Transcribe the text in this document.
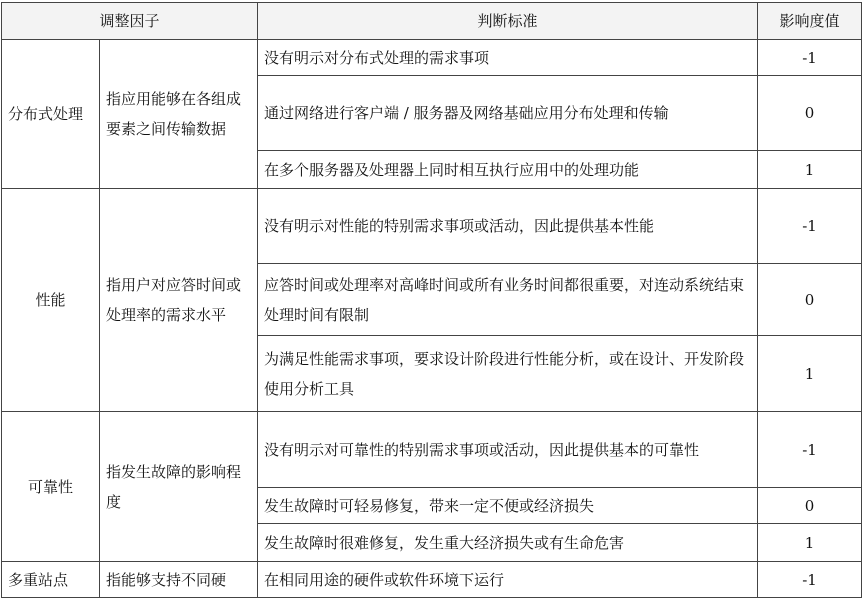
调整因子		判断标准	影响度值
分布式处理	指应用能够在各组成要素之间传输数据	没有明示对分布式处理的需求事项	-1
		通过网络进行客户端 / 服务器及网络基础应用分布处理和传输	0
		在多个服务器及处理器上同时相互执行应用中的处理功能	1
性能	指用户对应答时间或处理率的需求水平	没有明示对性能的特别需求事项或活动，因此提供基本性能	-1
		应答时间或处理率对高峰时间或所有业务时间都很重要，对连动系统结束处理时间有限制	0
		为满足性能需求事项，要求设计阶段进行性能分析，或在设计、开发阶段使用分析工具	1
可靠性	指发生故障的影响程度	没有明示对可靠性的特别需求事项或活动，因此提供基本的可靠性	-1
		发生故障时可轻易修复，带来一定不便或经济损失	0
		发生故障时很难修复，发生重大经济损失或有生命危害	1
多重站点	指能够支持不同硬	在相同用途的硬件或软件环境下运行	-1
